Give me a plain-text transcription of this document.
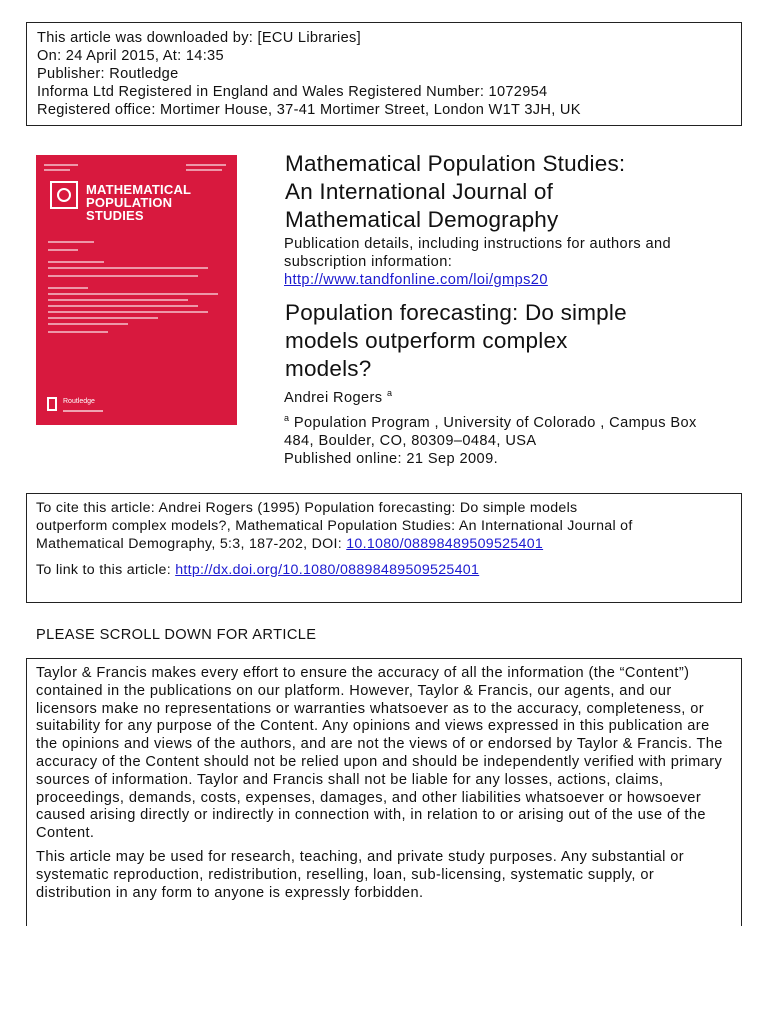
This article was downloaded by: [ECU Libraries]
On: 24 April 2015, At: 14:35
Publisher: Routledge
Informa Ltd Registered in England and Wales Registered Number: 1072954
Registered office: Mortimer House, 37-41 Mortimer Street, London W1T 3JH, UK
MATHEMATICAL
POPULATION
STUDIES
Routledge
Mathematical Population Studies:
An International Journal of
Mathematical Demography
Publication details, including instructions for authors and
subscription information:
http://www.tandfonline.com/loi/gmps20
Population forecasting: Do simple
models outperform complex
models?
Andrei Rogers $^a$
$^a$ Population Program , University of Colorado , Campus Box
484, Boulder, CO, 80309–0484, USA
Published online: 21 Sep 2009.
To cite this article: Andrei Rogers (1995) Population forecasting: Do simple models
outperform complex models?, Mathematical Population Studies: An International Journal of
Mathematical Demography, 5:3, 187-202, DOI: 10.1080/08898489509525401
To link to this article: http://dx.doi.org/10.1080/08898489509525401
PLEASE SCROLL DOWN FOR ARTICLE

Taylor & Francis makes every effort to ensure the accuracy of all the information (the “Content”) contained in the publications on our platform. However, Taylor & Francis, our agents, and our licensors make no representations or warranties whatsoever as to the accuracy, completeness, or suitability for any purpose of the Content. Any opinions and views expressed in this publication are the opinions and views of the authors, and are not the views of or endorsed by Taylor & Francis. The accuracy of the Content should not be relied upon and should be independently verified with primary sources of information. Taylor and Francis shall not be liable for any losses, actions, claims, proceedings, demands, costs, expenses, damages, and other liabilities whatsoever or howsoever caused arising directly or indirectly in connection with, in relation to or arising out of the use of the Content.

This article may be used for research, teaching, and private study purposes. Any substantial or systematic reproduction, redistribution, reselling, loan, sub-licensing, systematic supply, or distribution in any form to anyone is expressly forbidden.
